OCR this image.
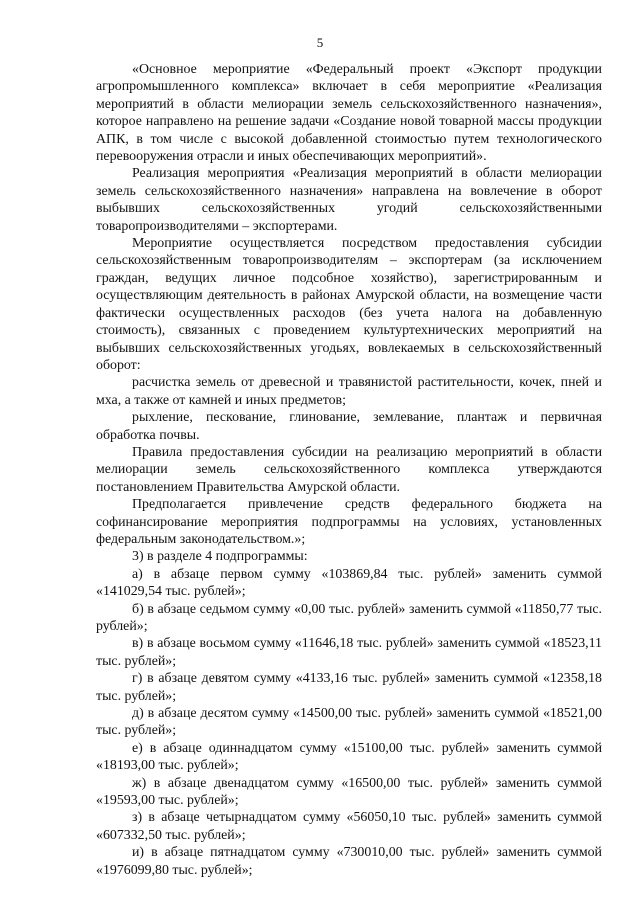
5

«Основное мероприятие «Федеральный проект «Экспорт продукции агропромышленного комплекса» включает в себя мероприятие «Реализация мероприятий в области мелиорации земель сельскохозяйственного назначения», которое направлено на решение задачи «Создание новой товарной массы продукции АПК, в том числе с высокой добавленной стоимостью путем технологического перевооружения отрасли и иных обеспечивающих мероприятий».

Реализация мероприятия «Реализация мероприятий в области мелиорации земель сельскохозяйственного назначения» направлена на вовлечение в оборот выбывших сельскохозяйственных угодий сельскохозяйственными товаропроизводителями – экспортерами.

Мероприятие осуществляется посредством предоставления субсидии сельскохозяйственным товаропроизводителям – экспортерам (за исключением граждан, ведущих личное подсобное хозяйство), зарегистрированным и осуществляющим деятельность в районах Амурской области, на возмещение части фактически осуществленных расходов (без учета налога на добавленную стоимость), связанных с проведением культуртехнических мероприятий на выбывших сельскохозяйственных угодьях, вовлекаемых в сельскохозяйственный оборот:

расчистка земель от древесной и травянистой растительности, кочек, пней и мха, а также от камней и иных предметов;

рыхление, пескование, глинование, землевание, плантаж и первичная обработка почвы.

Правила предоставления субсидии на реализацию мероприятий в области мелиорации земель сельскохозяйственного комплекса утверждаются постановлением Правительства Амурской области.

Предполагается привлечение средств федерального бюджета на софинансирование мероприятия подпрограммы на условиях, установленных федеральным законодательством.»;

3) в разделе 4 подпрограммы:

а) в абзаце первом сумму «103869,84 тыс. рублей» заменить суммой «141029,54 тыс. рублей»;

б) в абзаце седьмом сумму «0,00 тыс. рублей» заменить суммой «11850,77 тыс. рублей»;

в) в абзаце восьмом сумму «11646,18 тыс. рублей» заменить суммой «18523,11 тыс. рублей»;

г) в абзаце девятом сумму «4133,16 тыс. рублей» заменить суммой «12358,18 тыс. рублей»;

д) в абзаце десятом сумму «14500,00 тыс. рублей» заменить суммой «18521,00 тыс. рублей»;

е) в абзаце одиннадцатом сумму «15100,00 тыс. рублей» заменить суммой «18193,00 тыс. рублей»;

ж) в абзаце двенадцатом сумму «16500,00 тыс. рублей» заменить суммой «19593,00 тыс. рублей»;

з) в абзаце четырнадцатом сумму «56050,10 тыс. рублей» заменить суммой «607332,50 тыс. рублей»;

и) в абзаце пятнадцатом сумму «730010,00 тыс. рублей» заменить суммой «1976099,80 тыс. рублей»;
